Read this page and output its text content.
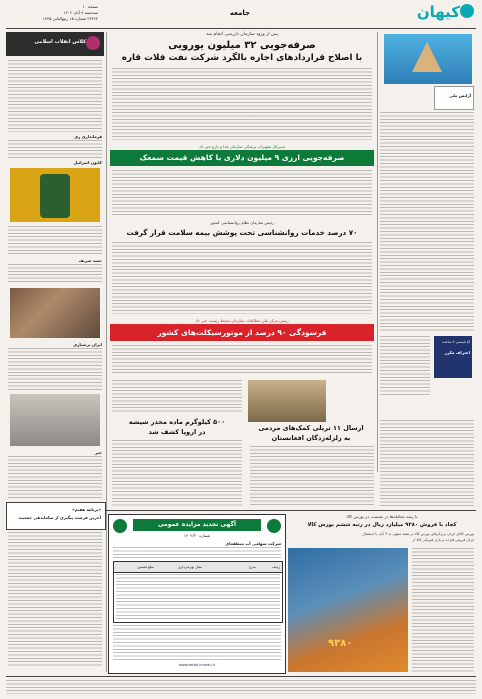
صفحه ۱۰
سه‌شنبه ۹ آبان ۱۴۰۲
۲۳۴۲۴ شماره ۱۵ ربیع‌الثانی ۱۴۴۵
جامعه	کیهان
کلاس انقلاب اسلامی
فرمانداری ری
کانون اسرائیل
جسد شریف
ایران پرستاری
خبر
«برنامه هفتم»
آخرین فرصت پیگیری از ساماندهی جمعیت
آژانس ملی
آیا بایستی ۷ ساعت
اعتراف مکرر
پس از ورود سازمان بازرسی انجام شد
صرفه‌جویی ۳۲ میلیون یورویی
با اصلاح قراردادهای اجاره بالگرد شرکت نفت فلات قاره
مدیرکل تجهیزات پزشکی سازمان غذا و دارو خبر داد
صرفه‌جویی ارزی ۹ میلیون دلاری با کاهش قیمت سمعک
رئیس سازمان نظام روانشناسی کشور
۷۰ درصد خدمات روانشناسی تحت پوشش بیمه سلامت قرار گرفت
رئیس مرکز ملی مطالعات سازمان محیط زیست خبر داد
فرسودگی ۹۰ درصد از موتورسیکلت‌های کشور
ارسال ۱۱ تریلی کمک‌های مردمی
به زلزله‌زدگان افغانستان
۵۰۰ کیلوگرم ماده مخدر شیشه
در اروپا کشف شد
آگهی تجدید مزایده عمومی
شماره ۱۴۰۲/۲۰
شرکت سهامی آب منطقه‌ای
ردیف
شرح
محل بهره‌برداری
مبلغ تضمین
www.ketab.irmedu.ir
با رشد معامله‌ها در نشست در بورس کالا
کجاد با فروش ۹۳۸۰ میلیارد ریال در رتبه ششم بورس کالا
بورس کالای ایران برنزکرهای بورس کالا در هفته منتهی به ۳ آبان با استقبال
ایران فروش فلزات و بازار فیزیکی کالا از
۹۳۸۰
